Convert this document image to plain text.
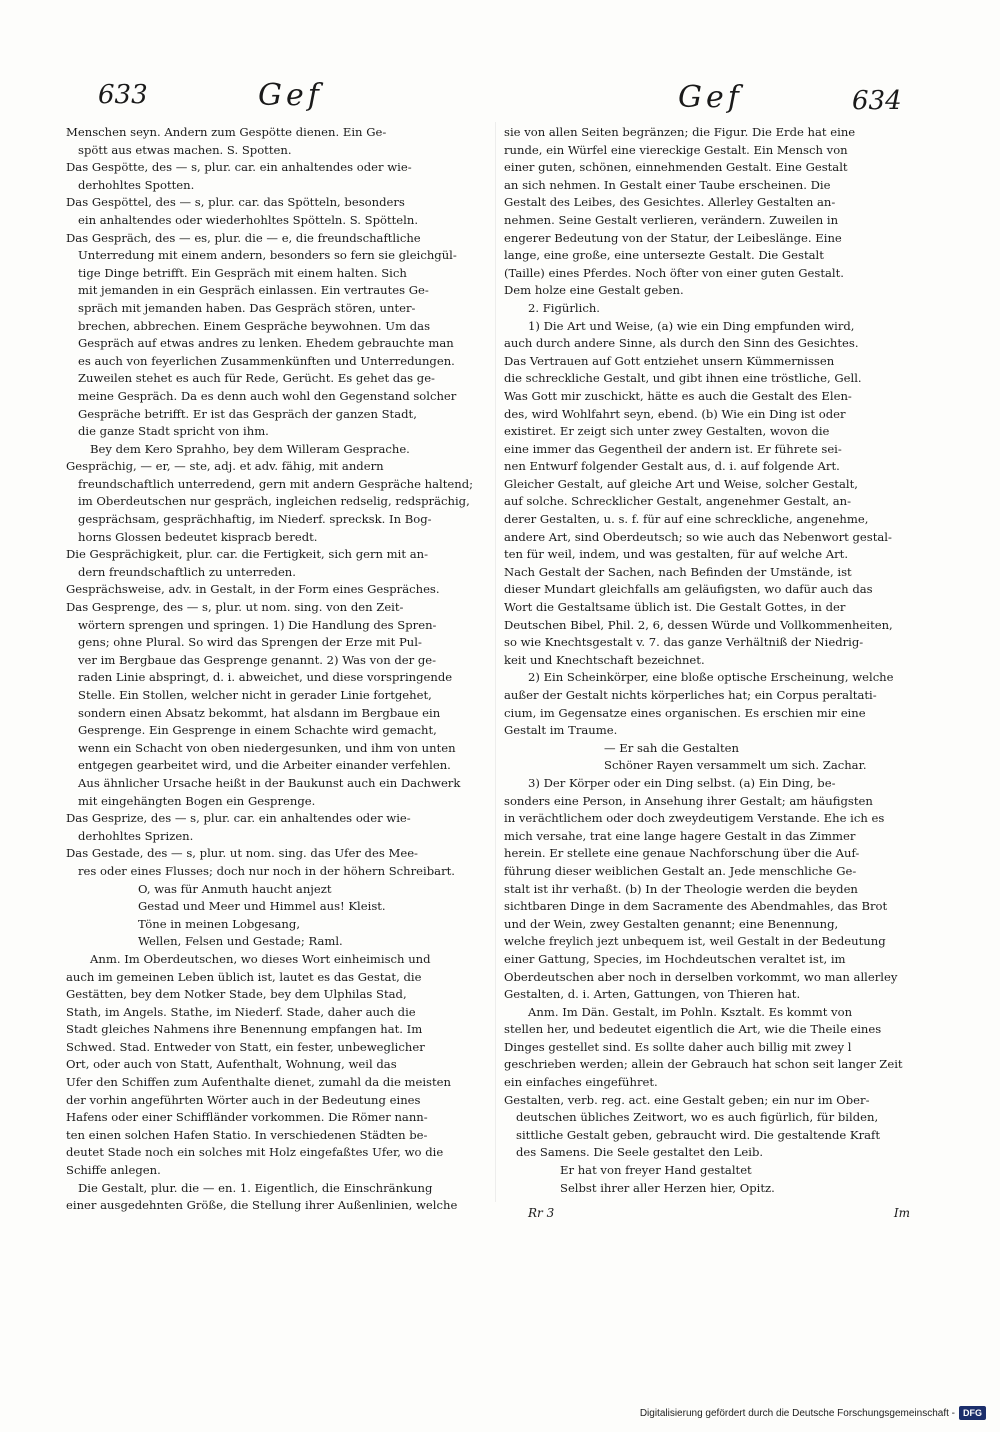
633	Gef	Gef	634
Menschen seyn. Andern zum Gespötte dienen. Ein Ge-
spött aus etwas machen. S. Spotten.
Das Gespötte, des — s, plur. car. ein anhaltendes oder wie-
derhohltes Spotten.
Das Gespöttel, des — s, plur. car. das Spötteln, besonders
ein anhaltendes oder wiederhohltes Spötteln. S. Spötteln.
Das Gespräch, des — es, plur. die — e, die freundschaftliche
Unterredung mit einem andern, besonders so fern sie gleichgül-
tige Dinge betrifft. Ein Gespräch mit einem halten. Sich
mit jemanden in ein Gespräch einlassen. Ein vertrautes Ge-
spräch mit jemanden haben. Das Gespräch stören, unter-
brechen, abbrechen. Einem Gespräche beywohnen. Um das
Gespräch auf etwas andres zu lenken. Ehedem gebrauchte man
es auch von feyerlichen Zusammenkünften und Unterredungen.
Zuweilen stehet es auch für Rede, Gerücht. Es gehet das ge-
meine Gespräch. Da es denn auch wohl den Gegenstand solcher
Gespräche betrifft. Er ist das Gespräch der ganzen Stadt,
die ganze Stadt spricht von ihm.
Bey dem Kero Sprahho, bey dem Willeram Gesprache.
Gesprächig, — er, — ste, adj. et adv. fähig, mit andern
freundschaftlich unterredend, gern mit andern Gespräche haltend;
im Oberdeutschen nur gespräch, ingleichen redselig, redsprächig,
gesprächsam, gesprächhaftig, im Niederf. sprecksk. In Bog-
horns Glossen bedeutet kispracb beredt.
Die Gesprächigkeit, plur. car. die Fertigkeit, sich gern mit an-
dern freundschaftlich zu unterreden.
Gesprächsweise, adv. in Gestalt, in der Form eines Gespräches.
Das Gesprenge, des — s, plur. ut nom. sing. von den Zeit-
wörtern sprengen und springen. 1) Die Handlung des Spren-
gens; ohne Plural. So wird das Sprengen der Erze mit Pul-
ver im Bergbaue das Gesprenge genannt. 2) Was von der ge-
raden Linie abspringt, d. i. abweichet, und diese vorspringende
Stelle. Ein Stollen, welcher nicht in gerader Linie fortgehet,
sondern einen Absatz bekommt, hat alsdann im Bergbaue ein
Gesprenge. Ein Gesprenge in einem Schachte wird gemacht,
wenn ein Schacht von oben niedergesunken, und ihm von unten
entgegen gearbeitet wird, und die Arbeiter einander verfehlen.
Aus ähnlicher Ursache heißt in der Baukunst auch ein Dachwerk
mit eingehängten Bogen ein Gesprenge.
Das Gesprize, des — s, plur. car. ein anhaltendes oder wie-
derhohltes Sprizen.
Das Gestade, des — s, plur. ut nom. sing. das Ufer des Mee-
res oder eines Flusses; doch nur noch in der höhern Schreibart.
O, was für Anmuth haucht anjezt
Gestad und Meer und Himmel aus! Kleist.
Töne in meinen Lobgesang,
Wellen, Felsen und Gestade; Raml.
Anm. Im Oberdeutschen, wo dieses Wort einheimisch und
auch im gemeinen Leben üblich ist, lautet es das Gestat, die
Gestätten, bey dem Notker Stade, bey dem Ulphilas Stad,
Stath, im Angels. Stathe, im Niederf. Stade, daher auch die
Stadt gleiches Nahmens ihre Benennung empfangen hat. Im
Schwed. Stad. Entweder von Statt, ein fester, unbeweglicher
Ort, oder auch von Statt, Aufenthalt, Wohnung, weil das
Ufer den Schiffen zum Aufenthalte dienet, zumahl da die meisten
der vorhin angeführten Wörter auch in der Bedeutung eines
Hafens oder einer Schiffländer vorkommen. Die Römer nann-
ten einen solchen Hafen Statio. In verschiedenen Städten be-
deutet Stade noch ein solches mit Holz eingefaßtes Ufer, wo die
Schiffe anlegen.
Die Gestalt, plur. die — en. 1. Eigentlich, die Einschränkung
einer ausgedehnten Größe, die Stellung ihrer Außenlinien, welche
sie von allen Seiten begränzen; die Figur. Die Erde hat eine
runde, ein Würfel eine viereckige Gestalt. Ein Mensch von
einer guten, schönen, einnehmenden Gestalt. Eine Gestalt
an sich nehmen. In Gestalt einer Taube erscheinen. Die
Gestalt des Leibes, des Gesichtes. Allerley Gestalten an-
nehmen. Seine Gestalt verlieren, verändern. Zuweilen in
engerer Bedeutung von der Statur, der Leibeslänge. Eine
lange, eine große, eine untersezte Gestalt. Die Gestalt
(Taille) eines Pferdes. Noch öfter von einer guten Gestalt.
Dem holze eine Gestalt geben.
2. Figürlich.
1) Die Art und Weise, (a) wie ein Ding empfunden wird,
auch durch andere Sinne, als durch den Sinn des Gesichtes.
Das Vertrauen auf Gott entziehet unsern Kümmernissen
die schreckliche Gestalt, und gibt ihnen eine tröstliche, Gell.
Was Gott mir zuschickt, hätte es auch die Gestalt des Elen-
des, wird Wohlfahrt seyn, ebend. (b) Wie ein Ding ist oder
existiret. Er zeigt sich unter zwey Gestalten, wovon die
eine immer das Gegentheil der andern ist. Er führete sei-
nen Entwurf folgender Gestalt aus, d. i. auf folgende Art.
Gleicher Gestalt, auf gleiche Art und Weise, solcher Gestalt,
auf solche. Schrecklicher Gestalt, angenehmer Gestalt, an-
derer Gestalten, u. s. f. für auf eine schreckliche, angenehme,
andere Art, sind Oberdeutsch; so wie auch das Nebenwort gestal-
ten für weil, indem, und was gestalten, für auf welche Art.
Nach Gestalt der Sachen, nach Befinden der Umstände, ist
dieser Mundart gleichfalls am geläufigsten, wo dafür auch das
Wort die Gestaltsame üblich ist. Die Gestalt Gottes, in der
Deutschen Bibel, Phil. 2, 6, dessen Würde und Vollkommenheiten,
so wie Knechtsgestalt v. 7. das ganze Verhältniß der Niedrig-
keit und Knechtschaft bezeichnet.
2) Ein Scheinkörper, eine bloße optische Erscheinung, welche
außer der Gestalt nichts körperliches hat; ein Corpus peraltati-
cium, im Gegensatze eines organischen. Es erschien mir eine
Gestalt im Traume.
— Er sah die Gestalten
Schöner Rayen versammelt um sich. Zachar.
3) Der Körper oder ein Ding selbst. (a) Ein Ding, be-
sonders eine Person, in Ansehung ihrer Gestalt; am häufigsten
in verächtlichem oder doch zweydeutigem Verstande. Ehe ich es
mich versahe, trat eine lange hagere Gestalt in das Zimmer
herein. Er stellete eine genaue Nachforschung über die Auf-
führung dieser weiblichen Gestalt an. Jede menschliche Ge-
stalt ist ihr verhaßt. (b) In der Theologie werden die beyden
sichtbaren Dinge in dem Sacramente des Abendmahles, das Brot
und der Wein, zwey Gestalten genannt; eine Benennung,
welche freylich jezt unbequem ist, weil Gestalt in der Bedeutung
einer Gattung, Species, im Hochdeutschen veraltet ist, im
Oberdeutschen aber noch in derselben vorkommt, wo man allerley
Gestalten, d. i. Arten, Gattungen, von Thieren hat.
Anm. Im Dän. Gestalt, im Pohln. Ksztalt. Es kommt von
stellen her, und bedeutet eigentlich die Art, wie die Theile eines
Dinges gestellet sind. Es sollte daher auch billig mit zwey l
geschrieben werden; allein der Gebrauch hat schon seit langer Zeit
ein einfaches eingeführet.
Gestalten, verb. reg. act. eine Gestalt geben; ein nur im Ober-
deutschen übliches Zeitwort, wo es auch figürlich, für bilden,
sittliche Gestalt geben, gebraucht wird. Die gestaltende Kraft
des Samens. Die Seele gestaltet den Leib.
Er hat von freyer Hand gestaltet
Selbst ihrer aller Herzen hier, Opitz.
Rr 3	Im
Digitalisierung gefördert durch die Deutsche Forschungsgemeinschaft - DFG
